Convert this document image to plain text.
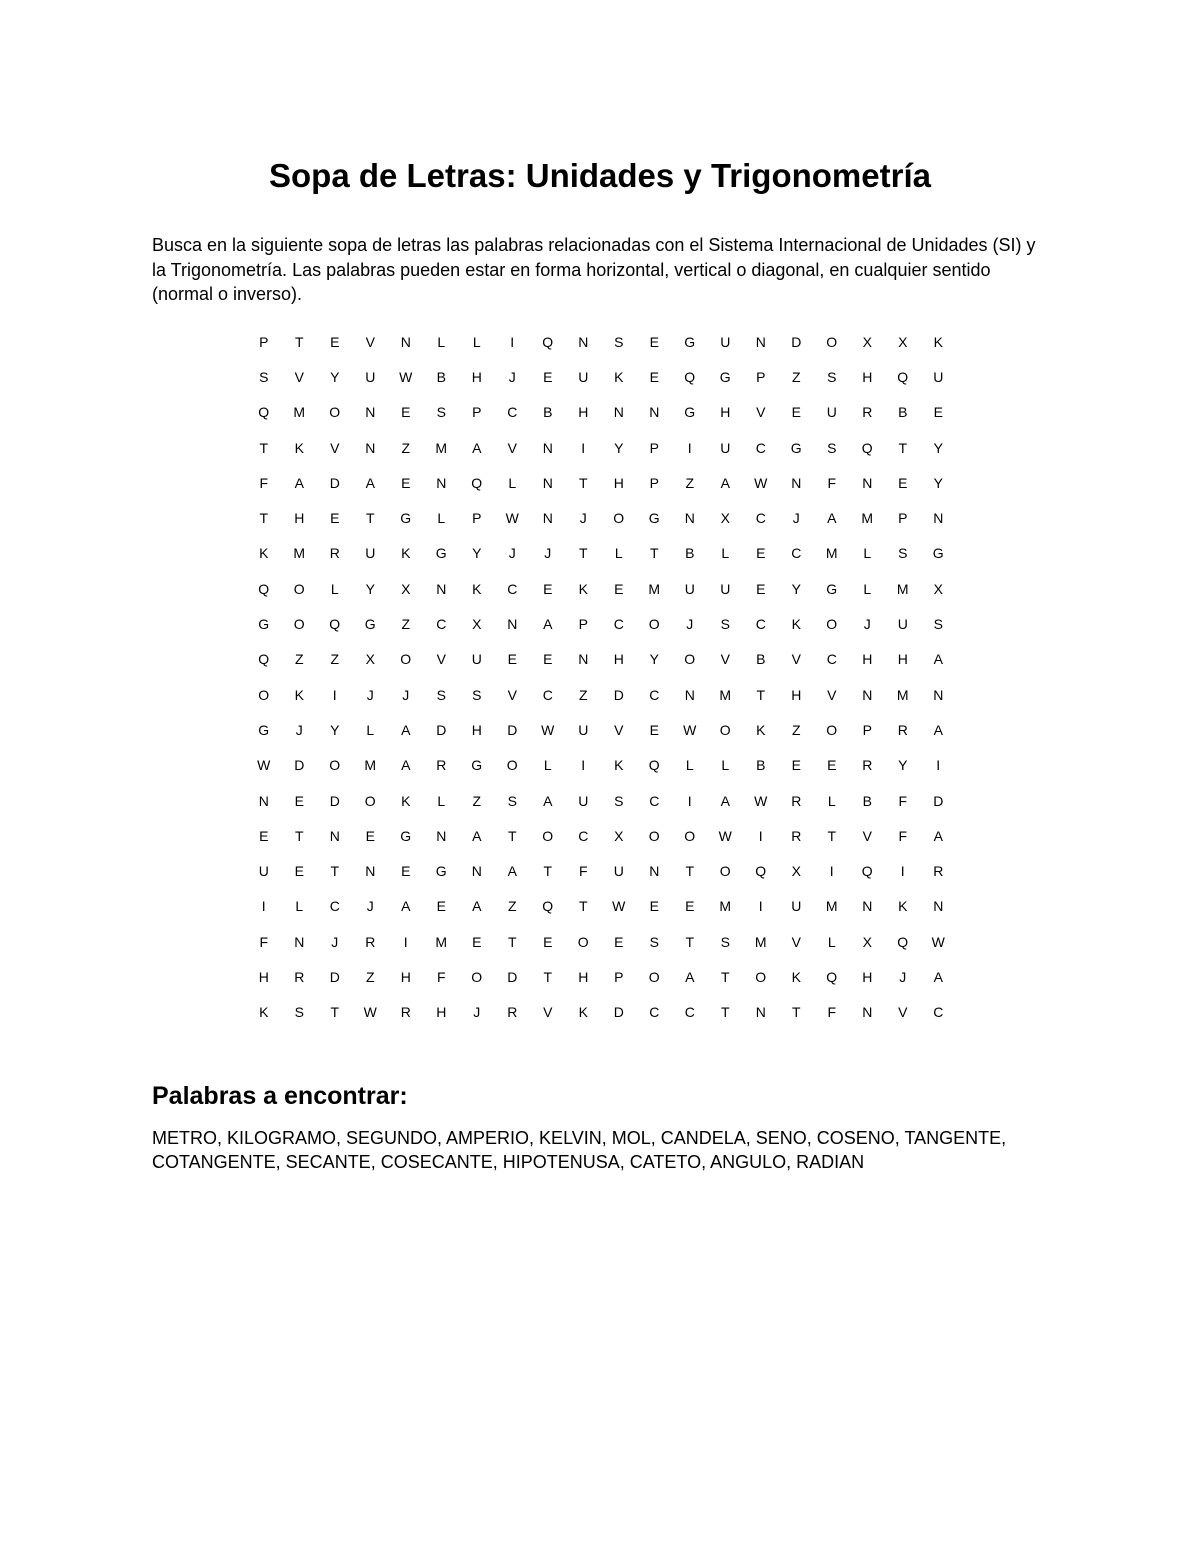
Sopa de Letras: Unidades y Trigonometría

Busca en la siguiente sopa de letras las palabras relacionadas con el Sistema Internacional de Unidades (SI) y la Trigonometría. Las palabras pueden estar en forma horizontal, vertical o diagonal, en cualquier sentido (normal o inverso).

P	T	E	V	N	L	L	I	Q	N	S	E	G	U	N	D	O	X	X	K
S	V	Y	U	W	B	H	J	E	U	K	E	Q	G	P	Z	S	H	Q	U
Q	M	O	N	E	S	P	C	B	H	N	N	G	H	V	E	U	R	B	E
T	K	V	N	Z	M	A	V	N	I	Y	P	I	U	C	G	S	Q	T	Y
F	A	D	A	E	N	Q	L	N	T	H	P	Z	A	W	N	F	N	E	Y
T	H	E	T	G	L	P	W	N	J	O	G	N	X	C	J	A	M	P	N
K	M	R	U	K	G	Y	J	J	T	L	T	B	L	E	C	M	L	S	G
Q	O	L	Y	X	N	K	C	E	K	E	M	U	U	E	Y	G	L	M	X
G	O	Q	G	Z	C	X	N	A	P	C	O	J	S	C	K	O	J	U	S
Q	Z	Z	X	O	V	U	E	E	N	H	Y	O	V	B	V	C	H	H	A
O	K	I	J	J	S	S	V	C	Z	D	C	N	M	T	H	V	N	M	N
G	J	Y	L	A	D	H	D	W	U	V	E	W	O	K	Z	O	P	R	A
W	D	O	M	A	R	G	O	L	I	K	Q	L	L	B	E	E	R	Y	I
N	E	D	O	K	L	Z	S	A	U	S	C	I	A	W	R	L	B	F	D
E	T	N	E	G	N	A	T	O	C	X	O	O	W	I	R	T	V	F	A
U	E	T	N	E	G	N	A	T	F	U	N	T	O	Q	X	I	Q	I	R
I	L	C	J	A	E	A	Z	Q	T	W	E	E	M	I	U	M	N	K	N
F	N	J	R	I	M	E	T	E	O	E	S	T	S	M	V	L	X	Q	W
H	R	D	Z	H	F	O	D	T	H	P	O	A	T	O	K	Q	H	J	A
K	S	T	W	R	H	J	R	V	K	D	C	C	T	N	T	F	N	V	C
Palabras a encontrar:

METRO, KILOGRAMO, SEGUNDO, AMPERIO, KELVIN, MOL, CANDELA, SENO, COSENO, TANGENTE, COTANGENTE, SECANTE, COSECANTE, HIPOTENUSA, CATETO, ANGULO, RADIAN
